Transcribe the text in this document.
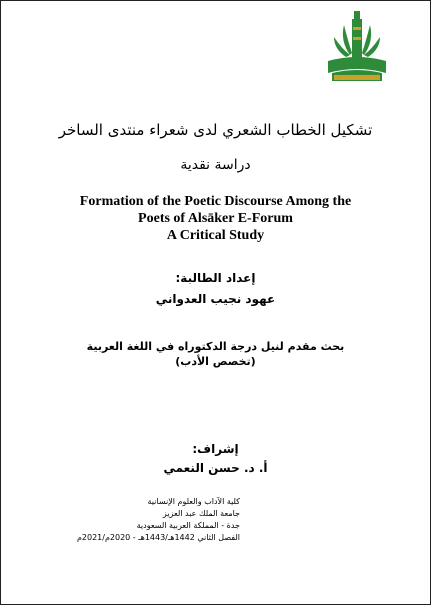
تشكيل الخطاب الشعري لدى شعراء منتدى الساخر
دراسة نقدية
Formation of the Poetic Discourse Among the
Poets of Alsāker E-Forum
A Critical Study
إعداد الطالبة:
عهود نجيب العدواني
بحث مقدم لنيل درجة الدكتوراه في اللغة العربية
(تخصص الأدب)
إشراف:
أ. د. حسن النعمي
كلية الآداب والعلوم الإنسانية
جامعة الملك عبد العزيز
جدة - المملكة العربية السعودية
الفصل الثاني 1442هـ/1443هـ - 2020م/2021م
